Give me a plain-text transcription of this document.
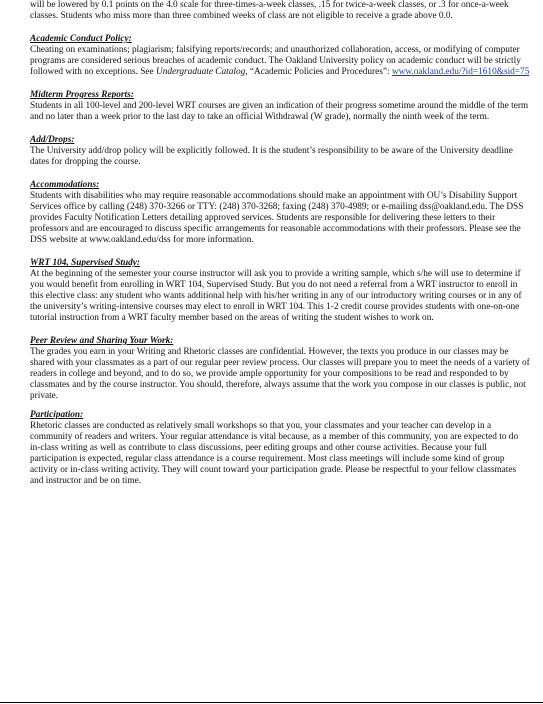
will be lowered by 0.1 points on the 4.0 scale for three-times-a-week classes, .15 for twice-a-week classes, or .3 for once-a-week classes. Students who miss more than three combined weeks of class are not eligible to receive a grade above 0.0.

Academic Conduct Policy:

Cheating on examinations; plagiarism; falsifying reports/records; and unauthorized collaboration, access, or modifying of computer programs are considered serious breaches of academic conduct. The Oakland University policy on academic conduct will be strictly followed with no exceptions. See Undergraduate Catalog, “Academic Policies and Procedures”: www.oakland.edu/?id=1610&sid=75

Midterm Progress Reports:

Students in all 100-level and 200-level WRT courses are given an indication of their progress sometime around the middle of the term and no later than a week prior to the last day to take an official Withdrawal (W grade), normally the ninth week of the term.

Add/Drops:

The University add/drop policy will be explicitly followed. It is the student’s responsibility to be aware of the University deadline dates for dropping the course.

Accommodations:

Students with disabilities who may require reasonable accommodations should make an appointment with OU’s Disability Support Services office by calling (248) 370-3266 or TTY: (248) 370-3268; faxing (248) 370-4989; or e-mailing dss@oakland.edu. The DSS provides Faculty Notification Letters detailing approved services. Students are responsible for delivering these letters to their professors and are encouraged to discuss specific arrangements for reasonable accommodations with their professors. Please see the DSS website at www.oakland.edu/dss for more information.

WRT 104, Supervised Study:

At the beginning of the semester your course instructor will ask you to provide a writing sample, which s/he will use to determine if you would benefit from enrolling in WRT 104, Supervised Study. But you do not need a referral from a WRT instructor to enroll in this elective class: any student who wants additional help with his/her writing in any of our introductory writing courses or in any of the university’s writing-intensive courses may elect to enroll in WRT 104. This 1-2 credit course provides students with one-on-one tutorial instruction from a WRT faculty member based on the areas of writing the student wishes to work on.

Peer Review and Sharing Your Work:

The grades you earn in your Writing and Rhetoric classes are confidential. However, the texts you produce in our classes may be shared with your classmates as a part of our regular peer review process. Our classes will prepare you to meet the needs of a variety of readers in college and beyond, and to do so, we provide ample opportunity for your compositions to be read and responded to by classmates and by the course instructor. You should, therefore, always assume that the work you compose in our classes is public, not private.

Participation:

Rhetoric classes are conducted as relatively small workshops so that you, your classmates and your teacher can develop in a community of readers and writers. Your regular attendance is vital because, as a member of this community, you are expected to do in-class writing as well as contribute to class discussions, peer editing groups and other course activities. Because your full participation is expected, regular class attendance is a course requirement. Most class meetings will include some kind of group activity or in-class writing activity. They will count toward your participation grade. Please be respectful to your fellow classmates and instructor and be on time.
